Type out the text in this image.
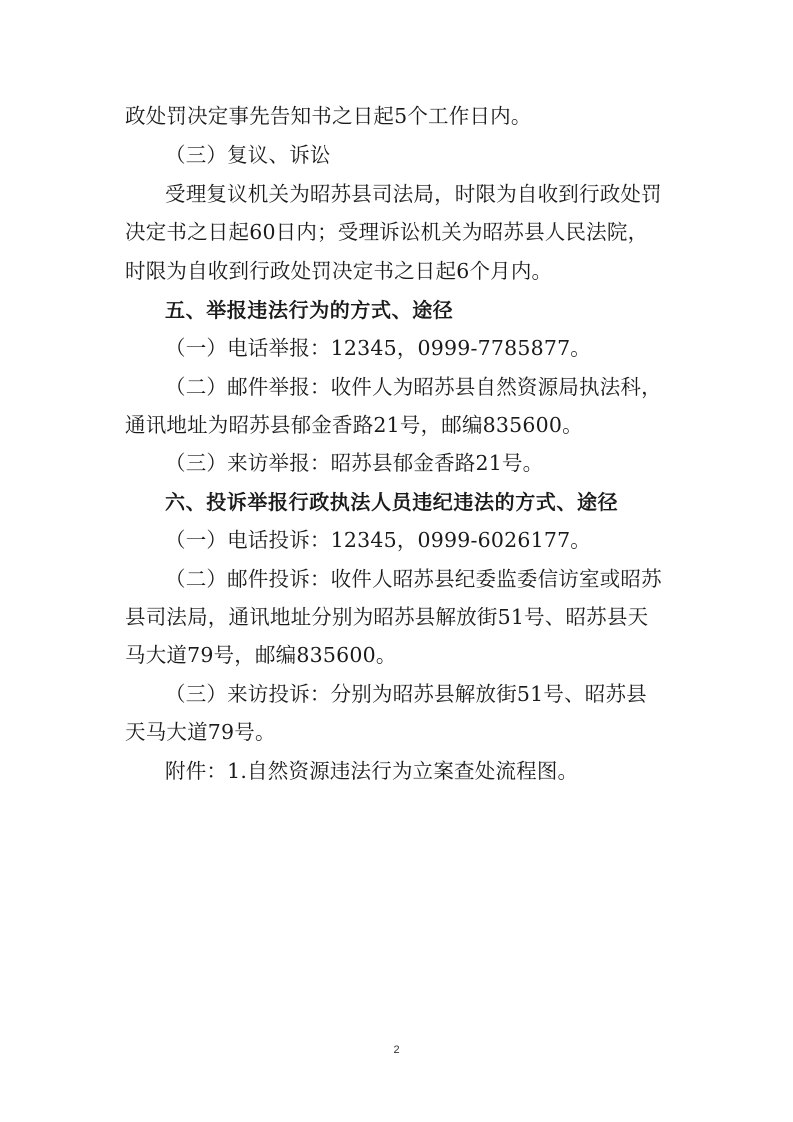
政处罚决定事先告知书之日起5个工作日内。
（三）复议、诉讼
受理复议机关为昭苏县司法局，时限为自收到行政处罚
决定书之日起60日内；受理诉讼机关为昭苏县人民法院，
时限为自收到行政处罚决定书之日起6个月内。
五、举报违法行为的方式、途径
（一）电话举报：12345，0999-7785877。
（二）邮件举报：收件人为昭苏县自然资源局执法科，
通讯地址为昭苏县郁金香路21号，邮编835600。
（三）来访举报：昭苏县郁金香路21号。
六、投诉举报行政执法人员违纪违法的方式、途径
（一）电话投诉：12345，0999-6026177。
（二）邮件投诉：收件人昭苏县纪委监委信访室或昭苏
县司法局，通讯地址分别为昭苏县解放街51号、昭苏县天
马大道79号，邮编835600。
（三）来访投诉：分别为昭苏县解放街51号、昭苏县
天马大道79号。
附件：1.自然资源违法行为立案查处流程图。
2
